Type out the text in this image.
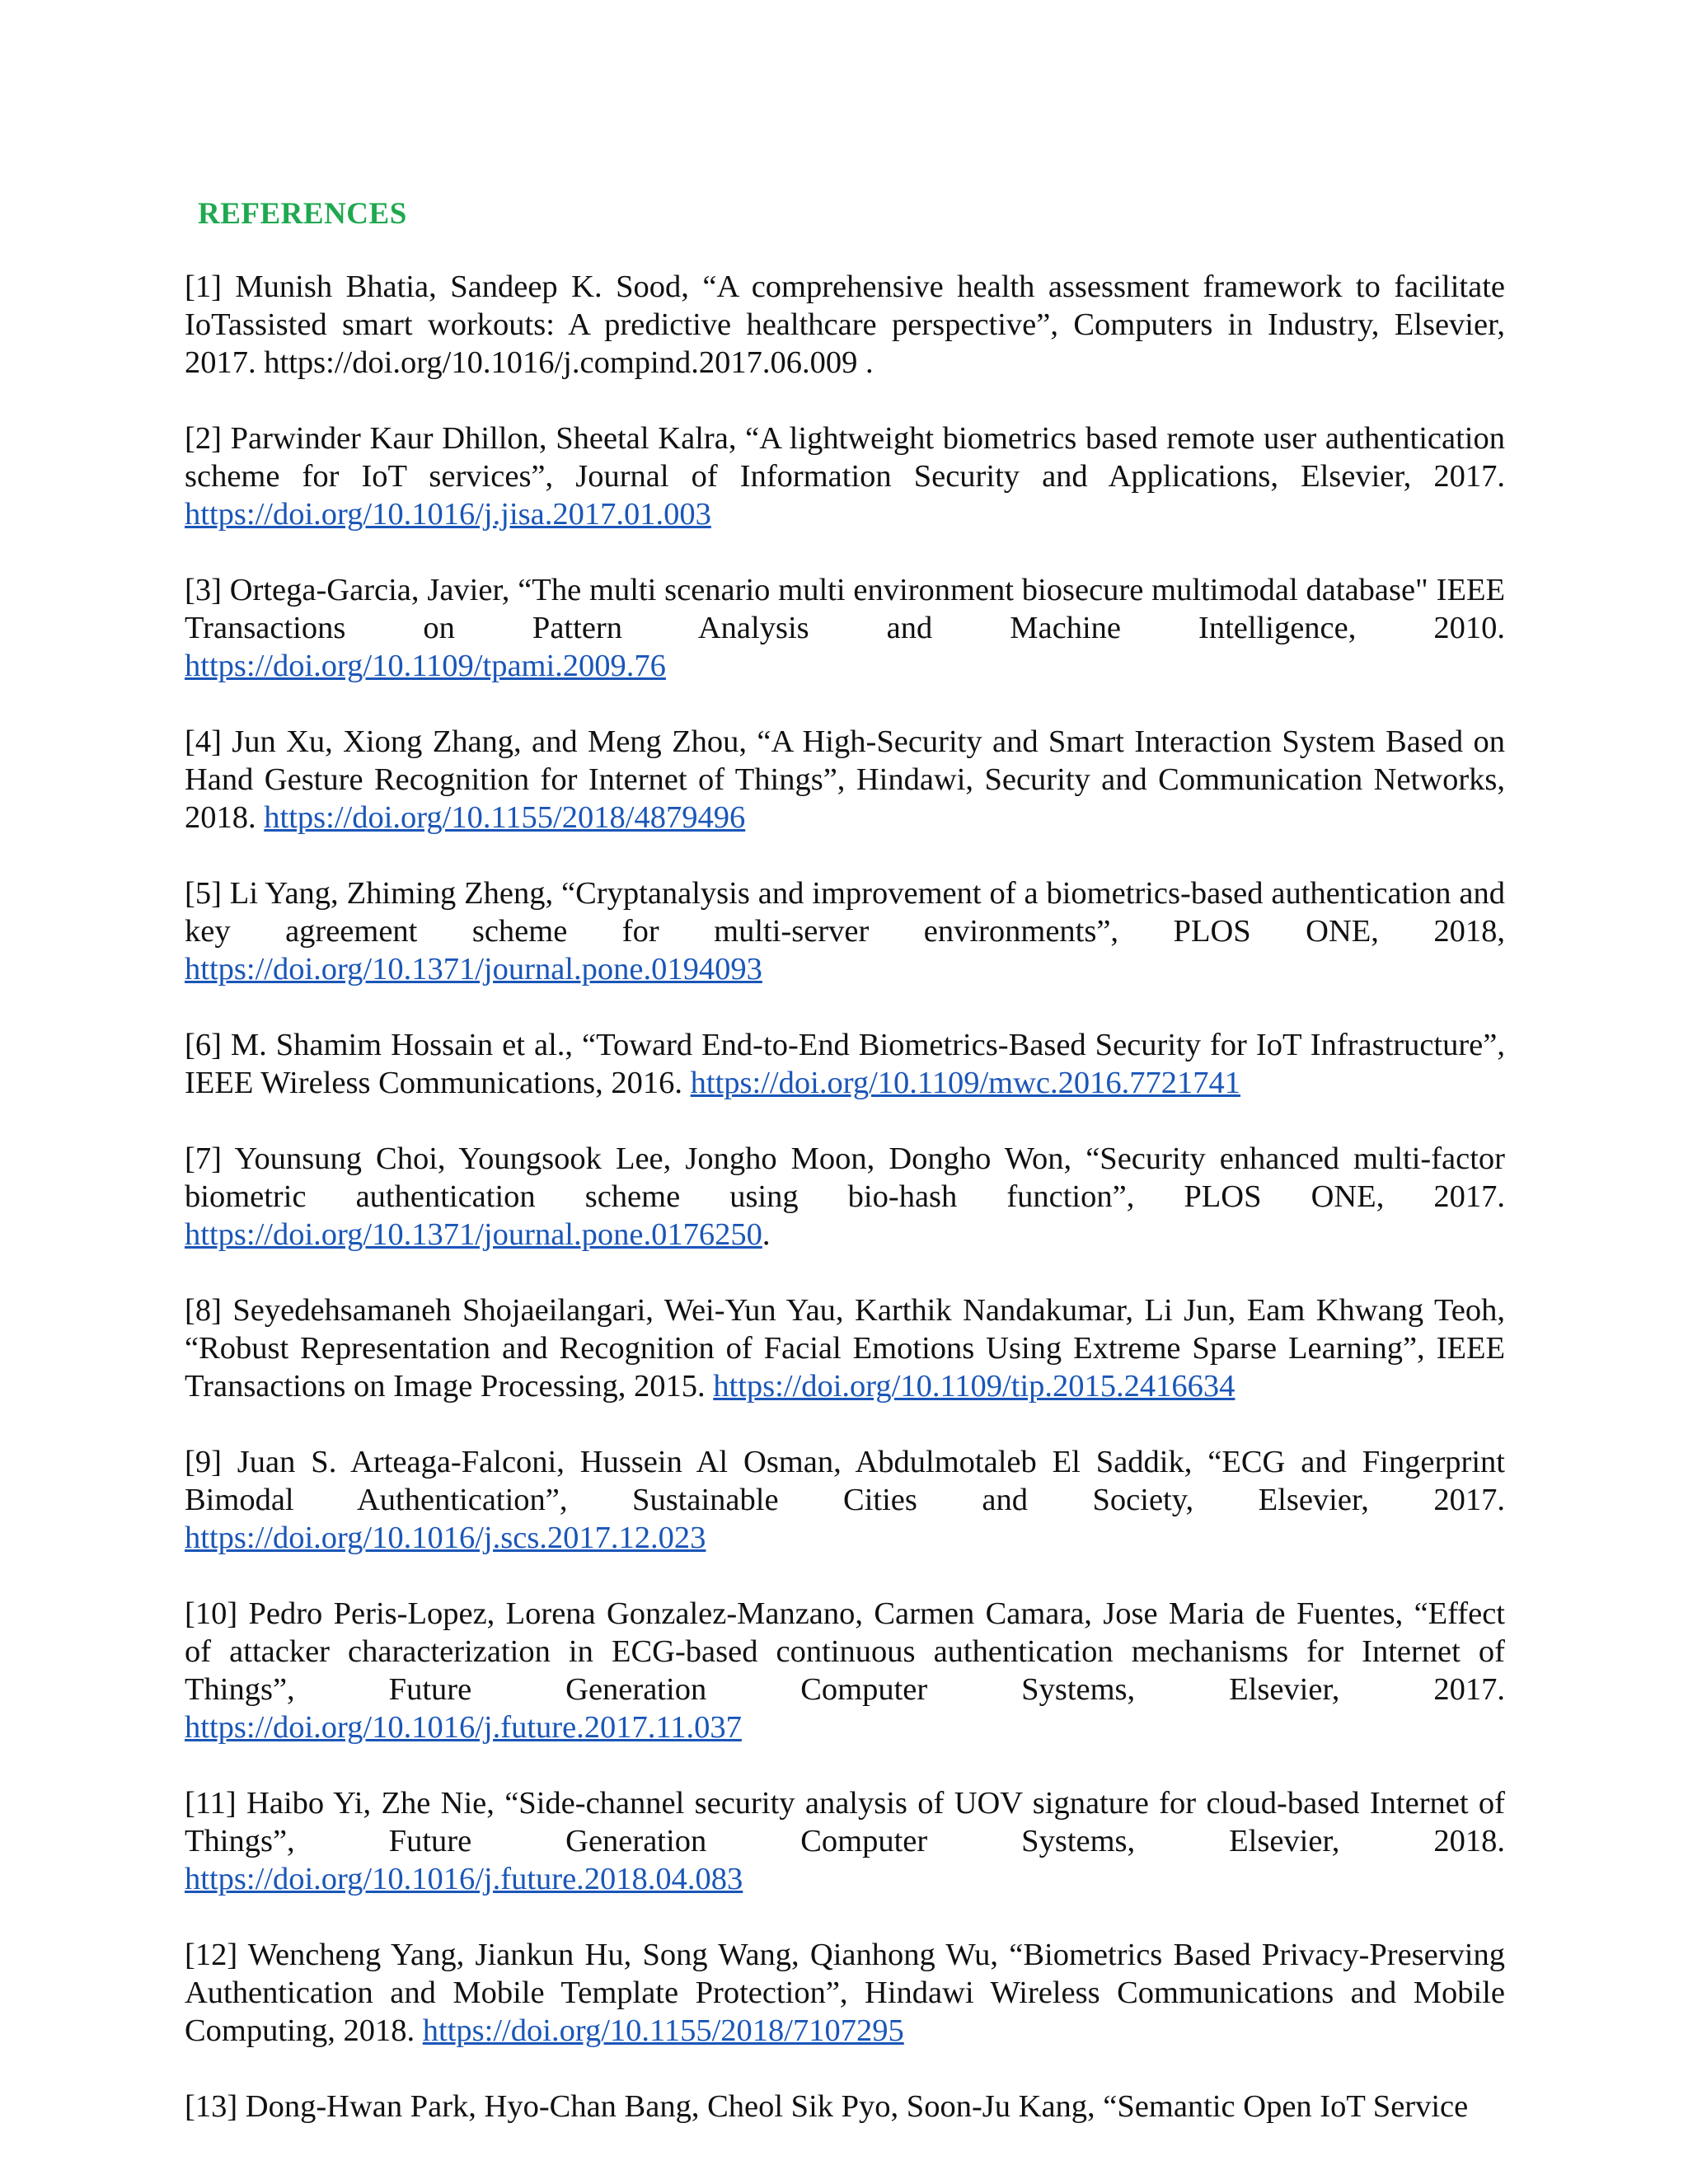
REFERENCES

[1] Munish Bhatia, Sandeep K. Sood, “A comprehensive health assessment framework to facilitate IoTassisted smart workouts: A predictive healthcare perspective”, Computers in Industry, Elsevier, 2017. https://doi.org/10.1016/j.compind.2017.06.009 .

[2] Parwinder Kaur Dhillon, Sheetal Kalra, “A lightweight biometrics based remote user authentication scheme for IoT services”, Journal of Information Security and Applications, Elsevier, 2017. https://doi.org/10.1016/j.jisa.2017.01.003

[3] Ortega-Garcia, Javier, “The multi scenario multi environment biosecure multimodal database" IEEE Transactions on Pattern Analysis and Machine Intelligence, 2010. https://doi.org/10.1109/tpami.2009.76

[4] Jun Xu, Xiong Zhang, and Meng Zhou, “A High-Security and Smart Interaction System Based on Hand Gesture Recognition for Internet of Things”, Hindawi, Security and Communication Networks, 2018. https://doi.org/10.1155/2018/4879496

[5] Li Yang, Zhiming Zheng, “Cryptanalysis and improvement of a biometrics-based authentication and key agreement scheme for multi-server environments”, PLOS ONE, 2018, https://doi.org/10.1371/journal.pone.0194093

[6] M. Shamim Hossain et al., “Toward End-to-End Biometrics-Based Security for IoT Infrastructure”, IEEE Wireless Communications, 2016. https://doi.org/10.1109/mwc.2016.7721741

[7] Younsung Choi, Youngsook Lee, Jongho Moon, Dongho Won, “Security enhanced multi-factor biometric authentication scheme using bio-hash function”, PLOS ONE, 2017. https://doi.org/10.1371/journal.pone.0176250.

[8] Seyedehsamaneh Shojaeilangari, Wei-Yun Yau, Karthik Nandakumar, Li Jun, Eam Khwang Teoh, “Robust Representation and Recognition of Facial Emotions Using Extreme Sparse Learning”, IEEE Transactions on Image Processing, 2015. https://doi.org/10.1109/tip.2015.2416634

[9] Juan S. Arteaga-Falconi, Hussein Al Osman, Abdulmotaleb El Saddik, “ECG and Fingerprint Bimodal Authentication”, Sustainable Cities and Society, Elsevier, 2017. https://doi.org/10.1016/j.scs.2017.12.023

[10] Pedro Peris-Lopez, Lorena Gonzalez-Manzano, Carmen Camara, Jose Maria de Fuentes, “Effect of attacker characterization in ECG-based continuous authentication mechanisms for Internet of Things”, Future Generation Computer Systems, Elsevier, 2017. https://doi.org/10.1016/j.future.2017.11.037

[11] Haibo Yi, Zhe Nie, “Side-channel security analysis of UOV signature for cloud-based Internet of Things”, Future Generation Computer Systems, Elsevier, 2018. https://doi.org/10.1016/j.future.2018.04.083

[12] Wencheng Yang, Jiankun Hu, Song Wang, Qianhong Wu, “Biometrics Based Privacy-Preserving Authentication and Mobile Template Protection”, Hindawi Wireless Communications and Mobile Computing, 2018. https://doi.org/10.1155/2018/7107295

[13] Dong-Hwan Park, Hyo-Chan Bang, Cheol Sik Pyo, Soon-Ju Kang, “Semantic Open IoT Service
